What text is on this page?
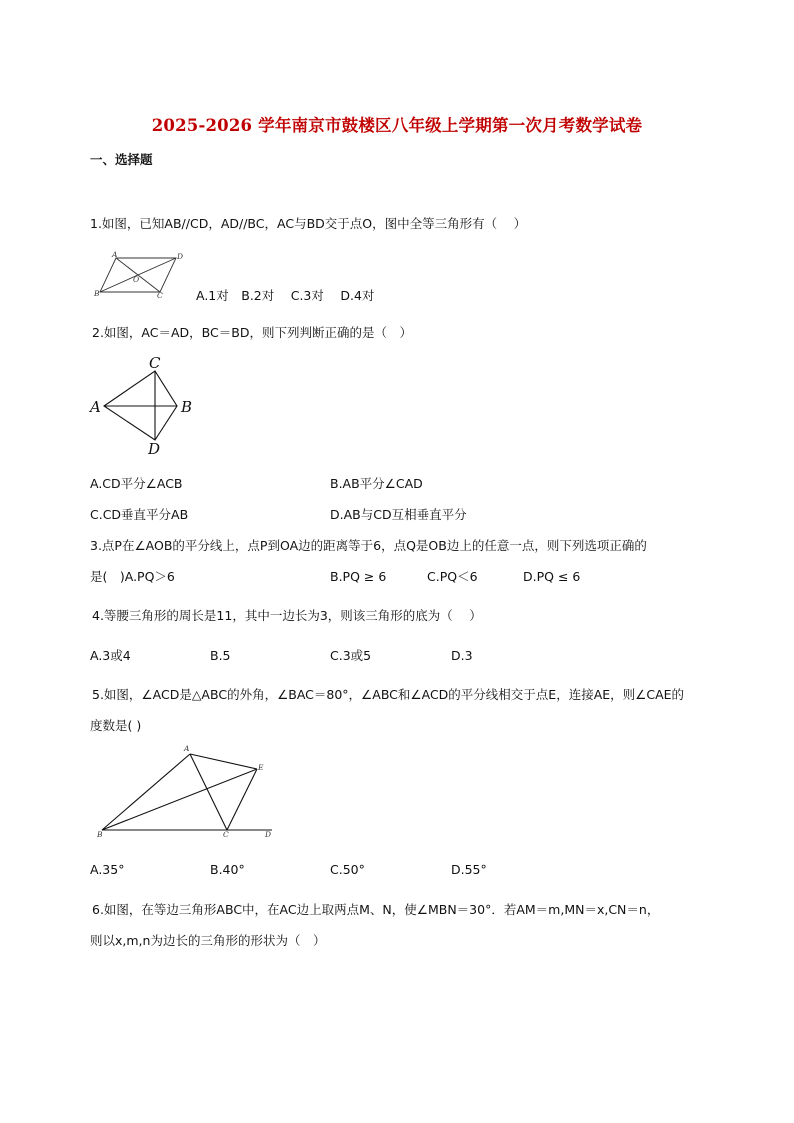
2025-2026 学年南京市鼓楼区八年级上学期第一次月考数学试卷
一、选择题
1.如图，已知AB//CD，AD//BC，AC与BD交于点O，图中全等三角形有（　 ）
A	D
B	C
O
A.1对　B.2对　 C.3对　 D.4对
2.如图，AC＝AD，BC＝BD，则下列判断正确的是（　）
A	B
C
D
A.CD平分∠ACB	B.AB平分∠CAD
C.CD垂直平分AB	D.AB与CD互相垂直平分
3.点P在∠AOB的平分线上，点P到OA边的距离等于6，点Q是OB边上的任意一点，则下列选项正确的
是(　)A.PQ＞6	B.PQ ≥ 6	C.PQ＜6	D.PQ ≤ 6
4.等腰三角形的周长是11，其中一边长为3，则该三角形的底为（　 ）
A.3或4	B.5	C.3或5	D.3
5.如图，∠ACD是△ABC的外角，∠BAC＝80°，∠ABC和∠ACD的平分线相交于点E，连接AE，则∠CAE的
度数是( )
A
E
B	C	D
A.35°	B.40°	C.50°	D.55°
6.如图，在等边三角形ABC中，在AC边上取两点M、N，使∠MBN＝30°．若AM＝m,MN＝x,CN＝n，
则以x,m,n为边长的三角形的形状为（　）
